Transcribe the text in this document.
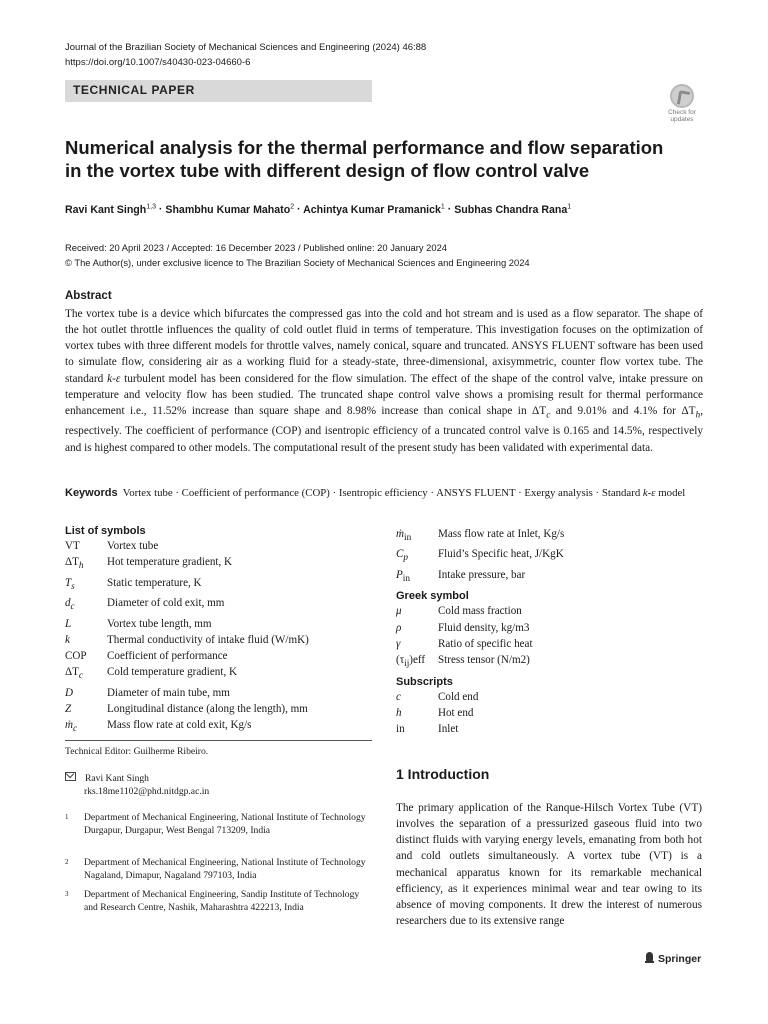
Journal of the Brazilian Society of Mechanical Sciences and Engineering (2024) 46:88
https://doi.org/10.1007/s40430-023-04660-6
TECHNICAL PAPER
Check for updates
Numerical analysis for the thermal performance and flow separation
in the vortex tube with different design of flow control valve
Ravi Kant Singh$^{1,3}$ · Shambhu Kumar Mahato$^2$ · Achintya Kumar Pramanick$^1$ · Subhas Chandra Rana$^1$
Received: 20 April 2023 / Accepted: 16 December 2023 / Published online: 20 January 2024
© The Author(s), under exclusive licence to The Brazilian Society of Mechanical Sciences and Engineering 2024
Abstract
The vortex tube is a device which bifurcates the compressed gas into the cold and hot stream and is used as a flow separator. The shape of the hot outlet throttle influences the quality of cold outlet fluid in terms of temperature. This investigation focuses on the optimization of vortex tubes with three different models for throttle valves, namely conical, square and truncated. ANSYS FLUENT software has been used to simulate flow, considering air as a working fluid for a steady-state, three-dimensional, axisymmetric, counter flow vortex tube. The standard k-ε turbulent model has been considered for the flow simulation. The effect of the shape of the control valve, intake pressure on temperature and velocity flow has been studied. The truncated shape control valve shows a promising result for thermal performance enhancement i.e., 11.52% increase than square shape and 8.98% increase than conical shape in $\Delta T_c$ and 9.01% and 4.1% for $\Delta T_h$, respectively. The coefficient of performance (COP) and isentropic efficiency of a truncated control valve is 0.165 and 14.5%, respectively and is highest compared to other models. The computational result of the present study has been validated with experimental data.
Keywords Vortex tube · Coefficient of performance (COP) · Isentropic efficiency · ANSYS FLUENT · Exergy analysis · Standard k-ε model
List of symbols
VT	Vortex tube
$\Delta T_h$	Hot temperature gradient, K
$T_s$	Static temperature, K
$d_c$	Diameter of cold exit, mm
L	Vortex tube length, mm
k	Thermal conductivity of intake fluid (W/mK)
COP	Coefficient of performance
$\Delta T_c$	Cold temperature gradient, K
D	Diameter of main tube, mm
Z	Longitudinal distance (along the length), mm
ṁ$_c$	Mass flow rate at cold exit, Kg/s
ṁ$_{in}$	Mass flow rate at Inlet, Kg/s
$C_p$	Fluid’s Specific heat, J/KgK
$P_{in}$	Intake pressure, bar
Greek symbol
μ	Cold mass fraction
ρ	Fluid density, kg/m3
γ	Ratio of specific heat
$(\tau_{ij})eff$	Stress tensor (N/m2)
Subscripts
c	Cold end
h	Hot end
in	Inlet
Technical Editor: Guilherme Ribeiro.
Ravi Kant Singh
rks.18me1102@phd.nitdgp.ac.in
1	Department of Mechanical Engineering, National Institute of Technology Durgapur, Durgapur, West Bengal 713209, India
2	Department of Mechanical Engineering, National Institute of Technology Nagaland, Dimapur, Nagaland 797103, India
3	Department of Mechanical Engineering, Sandip Institute of Technology and Research Centre, Nashik, Maharashtra 422213, India
1 Introduction
The primary application of the Ranque-Hilsch Vortex Tube (VT) involves the separation of a pressurized gaseous fluid into two distinct fluids with varying energy levels, emanating from both hot and cold outlets simultaneously. A vortex tube (VT) is a mechanical apparatus known for its remarkable mechanical efficiency, as it experiences minimal wear and tear owing to its absence of moving components. It drew the interest of numerous researchers due to its extensive range
Springer
